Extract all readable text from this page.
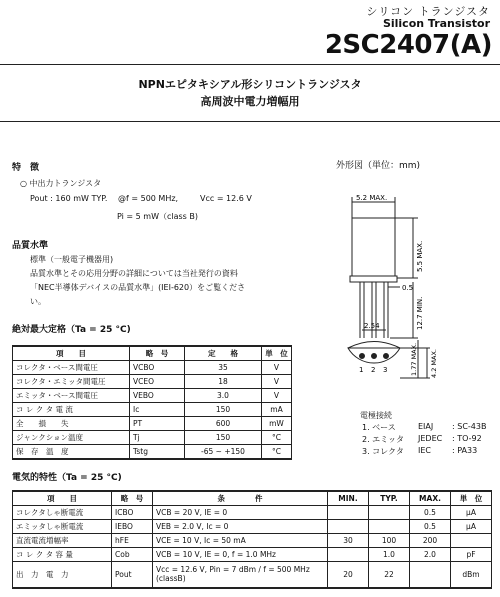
シリコン トランジスタ
Silicon Transistor
2SC2407(A)
NPNエピタキシアル形シリコントランジスタ
高周波中電力増幅用
特　徴
○ 中出力トランジスタ
Pout : 160 mW TYP. @f = 500 MHz,	Vcc = 12.6 V
Pi = 5 mW（class B)
品質水準
標準（一般電子機器用)
品質水準とその応用分野の詳細については当社発行の資料
「NEC半導体デバイスの品質水準」(IEI-620）をご覧くださ
い。
外形図（単位：mm)
5.2 MAX.
5.5 MAX.
12.7 MIN.
0.5
2.54
1.77 MAX. 4.2 MAX.
1 2 3
電極接続
1. ベース	EIAJ : SC-43B
2. エミッタ JEDEC : TO-92
3. コレクタ IEC	: PA33
絶対最大定格（Ta = 25 °C)
項　　目	略　号	定　　格	単　位
コレクタ・ベース間電圧	VCBO	35	V
コレクタ・エミッタ間電圧	VCEO	18	V
エミッタ・ベース間電圧	VEBO	3.0	V
コ レ ク タ 電 流	Ic	150	mA
全　　損　　失	PT	600	mW
ジャンクション温度	Tj	150	°C
保　存　温　度	Tstg	-65 ~ +150	°C
電気的特性（Ta = 25 °C)
項　　目	略　号	条　　　　件	MIN.	TYP.	MAX.	単　位
コレクタしゃ断電流	ICBO	VCB = 20 V, IE = 0			0.5	μA
エミッタしゃ断電流	IEBO	VEB = 2.0 V, Ic = 0			0.5	μA
直流電流増幅率	hFE	VCE = 10 V, Ic = 50 mA	30	100	200	
コ レ ク タ 容 量	Cob	VCB = 10 V, IE = 0, f = 1.0 MHz		1.0	2.0	pF
出　力　電　力	Pout	Vcc = 12.6 V, Pin = 7 dBm / f = 500 MHz (classB)	20	22		dBm
